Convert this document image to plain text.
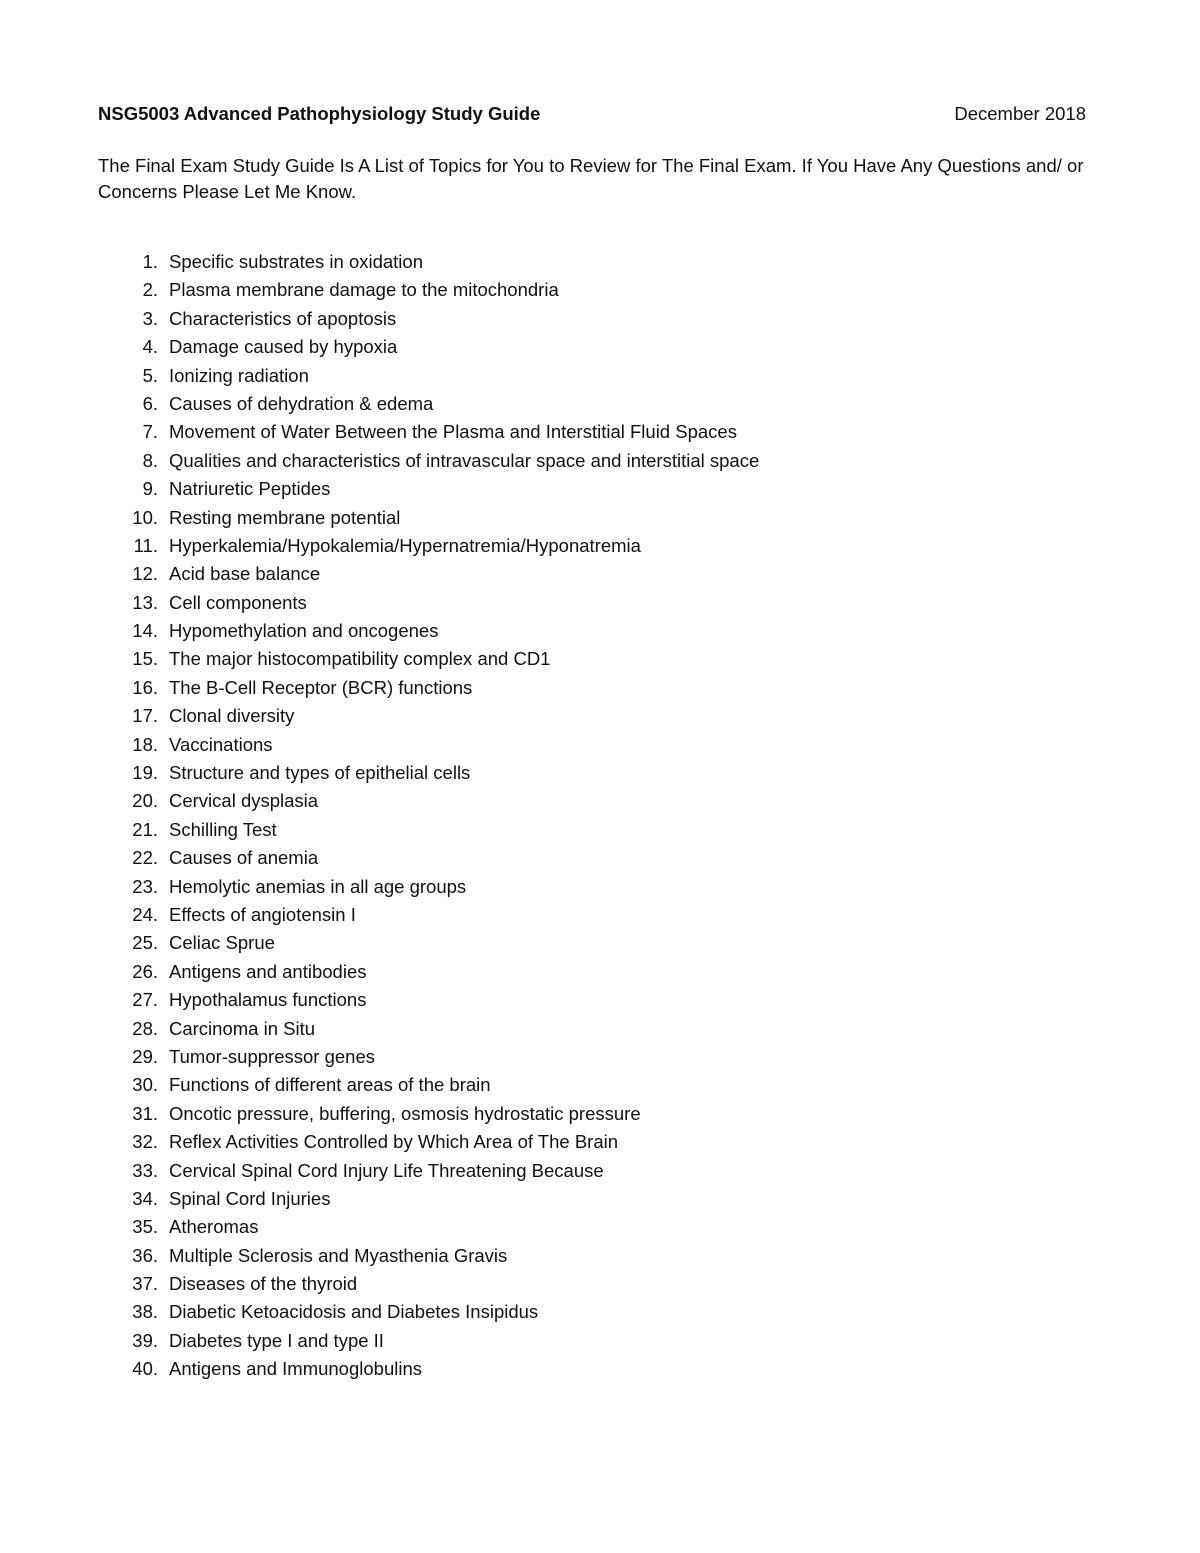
NSG5003 Advanced Pathophysiology Study Guide	December 2018
The Final Exam Study Guide Is A List of Topics for You to Review for The Final Exam. If You Have Any Questions and/ or Concerns Please Let Me Know.
1. Specific substrates in oxidation
2. Plasma membrane damage to the mitochondria
3. Characteristics of apoptosis
4. Damage caused by hypoxia
5. Ionizing radiation
6. Causes of dehydration & edema
7. Movement of Water Between the Plasma and Interstitial Fluid Spaces
8. Qualities and characteristics of intravascular space and interstitial space
9. Natriuretic Peptides
10. Resting membrane potential
11. Hyperkalemia/Hypokalemia/Hypernatremia/Hyponatremia
12. Acid base balance
13. Cell components
14. Hypomethylation and oncogenes
15. The major histocompatibility complex and CD1
16. The B-Cell Receptor (BCR) functions
17. Clonal diversity
18. Vaccinations
19. Structure and types of epithelial cells
20. Cervical dysplasia
21. Schilling Test
22. Causes of anemia
23. Hemolytic anemias in all age groups
24. Effects of angiotensin I
25. Celiac Sprue
26. Antigens and antibodies
27. Hypothalamus functions
28. Carcinoma in Situ
29. Tumor-suppressor genes
30. Functions of different areas of the brain
31. Oncotic pressure, buffering, osmosis hydrostatic pressure
32. Reflex Activities Controlled by Which Area of The Brain
33. Cervical Spinal Cord Injury Life Threatening Because
34. Spinal Cord Injuries
35. Atheromas
36. Multiple Sclerosis and Myasthenia Gravis
37. Diseases of the thyroid
38. Diabetic Ketoacidosis and Diabetes Insipidus
39. Diabetes type I and type II
40. Antigens and Immunoglobulins
